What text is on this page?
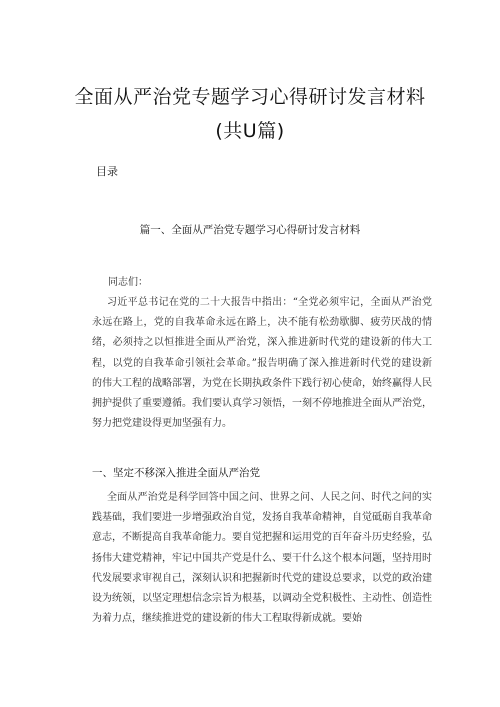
全面从严治党专题学习心得研讨发言材料
(共U篇)
目录
篇一、全面从严治党专题学习心得研讨发言材料

同志们：

习近平总书记在党的二十大报告中指出：“全党必须牢记，全面从严治党永远在路上，党的自我革命永远在路上，决不能有松劲歇脚、疲劳厌战的情绪，必须持之以恒推进全面从严治党，深入推进新时代党的建设新的伟大工程，以党的自我革命引领社会革命。”报告明确了深入推进新时代党的建设新的伟大工程的战略部署，为党在长期执政条件下践行初心使命，始终赢得人民拥护提供了重要遵循。我们要认真学习领悟，一刻不停地推进全面从严治党，努力把党建设得更加坚强有力。

一、坚定不移深入推进全面从严治党

全面从严治党是科学回答中国之问、世界之问、人民之问、时代之问的实践基础，我们要进一步增强政治自觉，发扬自我革命精神，自觉砥砺自我革命意志，不断提高自我革命能力。要自觉把握和运用党的百年奋斗历史经验，弘扬伟大建党精神，牢记中国共产党是什么、要干什么这个根本问题，坚持用时代发展要求审视自己，深刻认识和把握新时代党的建设总要求，以党的政治建设为统领，以坚定理想信念宗旨为根基，以调动全党积极性、主动性、创造性为着力点，继续推进党的建设新的伟大工程取得新成就。要始
